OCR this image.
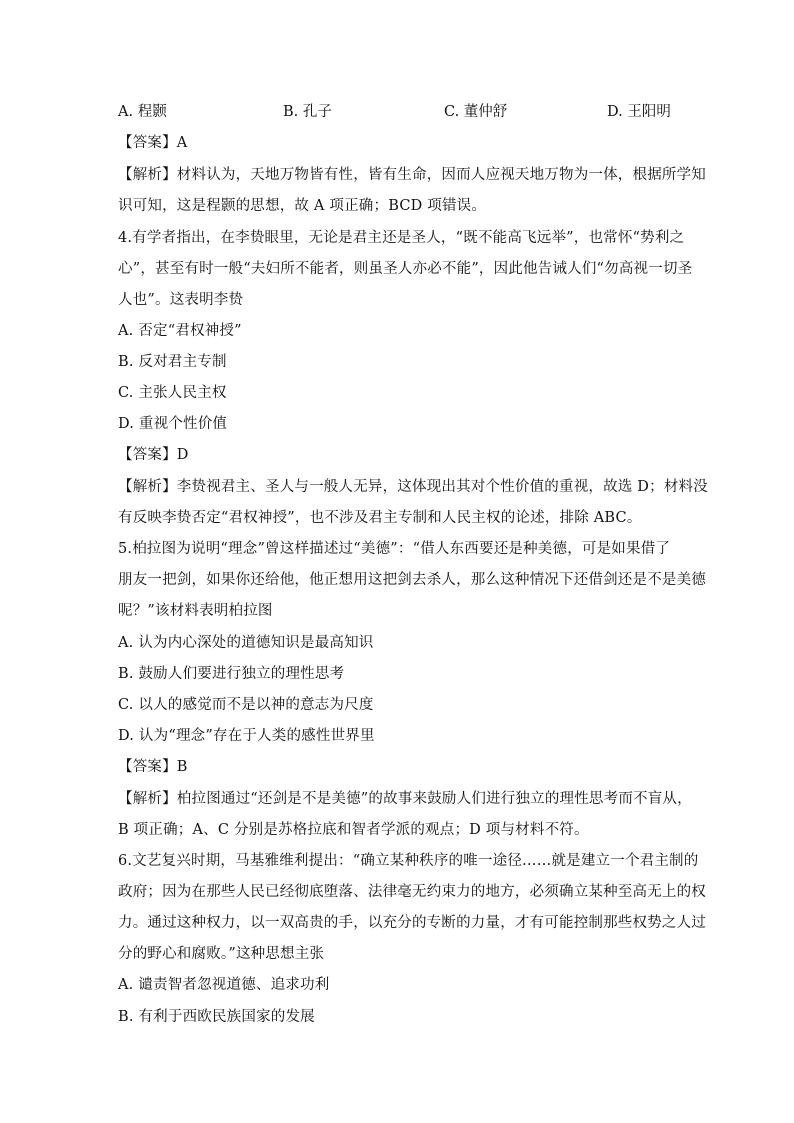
A. 程颢	B. 孔子	C. 董仲舒	D. 王阳明
【答案】A
【解析】材料认为，天地万物皆有性，皆有生命，因而人应视天地万物为一体，根据所学知
识可知，这是程颢的思想，故 A 项正确；BCD 项错误。
4.有学者指出，在李贽眼里，无论是君主还是圣人，“既不能高飞远举”，也常怀“势利之
心”，甚至有时一般“夫妇所不能者，则虽圣人亦必不能”，因此他告诫人们“勿高视一切圣
人也”。这表明李贽
A. 否定“君权神授”
B. 反对君主专制
C. 主张人民主权
D. 重视个性价值
【答案】D
【解析】李贽视君主、圣人与一般人无异，这体现出其对个性价值的重视，故选 D；材料没
有反映李贽否定“君权神授”，也不涉及君主专制和人民主权的论述，排除 ABC。
5.柏拉图为说明“理念”曾这样描述过“美德”：“借人东西要还是种美德，可是如果借了
朋友一把剑，如果你还给他，他正想用这把剑去杀人，那么这种情况下还借剑还是不是美德
呢？”该材料表明柏拉图
A. 认为内心深处的道德知识是最高知识
B. 鼓励人们要进行独立的理性思考
C. 以人的感觉而不是以神的意志为尺度
D. 认为“理念”存在于人类的感性世界里
【答案】B
【解析】柏拉图通过“还剑是不是美德”的故事来鼓励人们进行独立的理性思考而不盲从，
B 项正确；A、C 分别是苏格拉底和智者学派的观点；D 项与材料不符。
6.文艺复兴时期，马基雅维利提出：“确立某种秩序的唯一途径……就是建立一个君主制的
政府；因为在那些人民已经彻底堕落、法律毫无约束力的地方，必须确立某种至高无上的权
力。通过这种权力，以一双高贵的手，以充分的专断的力量，才有可能控制那些权势之人过
分的野心和腐败。”这种思想主张
A. 谴责智者忽视道德、追求功利
B. 有利于西欧民族国家的发展
